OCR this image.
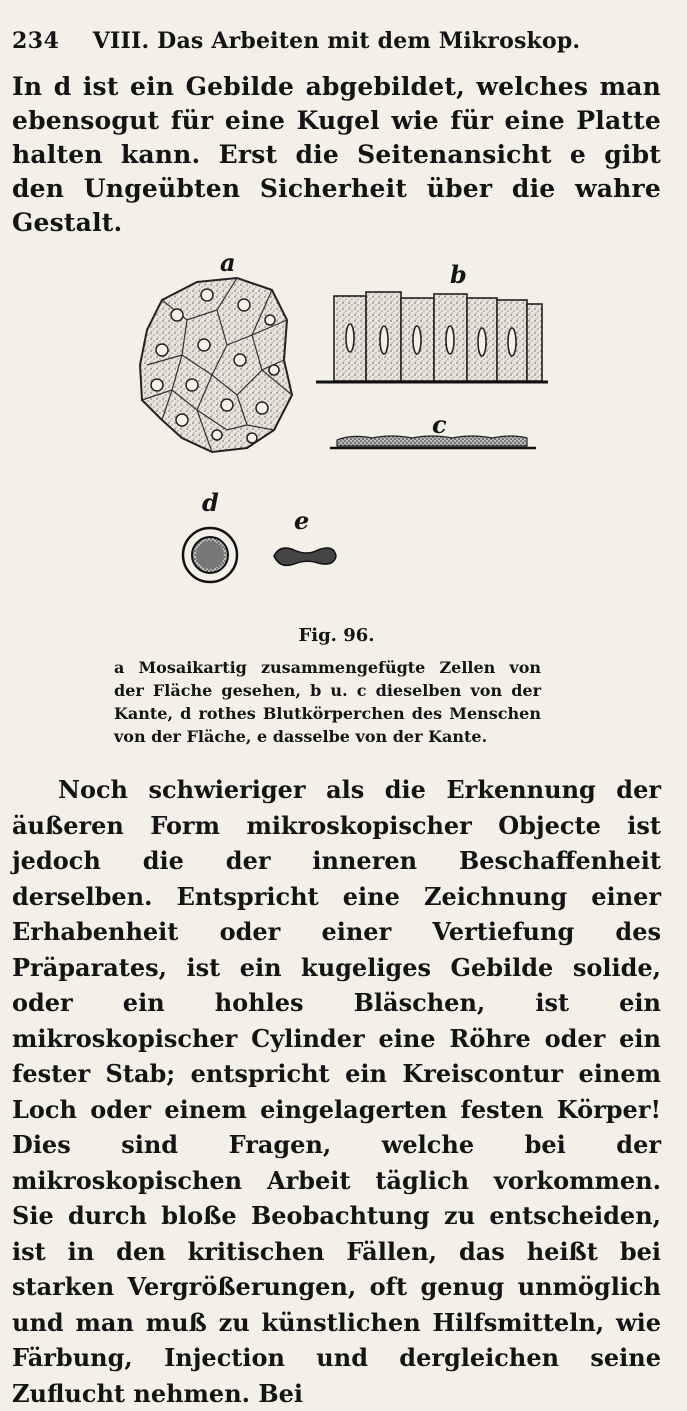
234	VIII. Das Arbeiten mit dem Mikroskop.

In d ist ein Gebilde abgebildet, welches man ebensogut für eine Kugel wie für eine Platte halten kann. Erst die Seitenansicht e gibt den Ungeübten Sicherheit über die wahre Gestalt.

a	b
c
d
e
Fig. 96.

a Mosaikartig zusammengefügte Zellen von der Fläche gesehen, b u. c dieselben von der Kante, d rothes Blutkörperchen des Menschen von der Fläche, e dasselbe von der Kante.

Noch schwieriger als die Erkennung der äußeren Form mikroskopischer Objecte ist jedoch die der inneren Beschaffenheit derselben. Entspricht eine Zeichnung einer Erhabenheit oder einer Vertiefung des Präparates, ist ein kugeliges Gebilde solide, oder ein hohles Bläschen, ist ein mikroskopischer Cylinder eine Röhre oder ein fester Stab; entspricht ein Kreiscontur einem Loch oder einem eingelagerten festen Körper! Dies sind Fragen, welche bei der mikroskopischen Arbeit täglich vorkommen. Sie durch bloße Beobachtung zu entscheiden, ist in den kritischen Fällen, das heißt bei starken Vergrößerungen, oft genug unmöglich und man muß zu künstlichen Hilfsmitteln, wie Färbung, Injection und dergleichen seine Zuflucht nehmen. Bei
